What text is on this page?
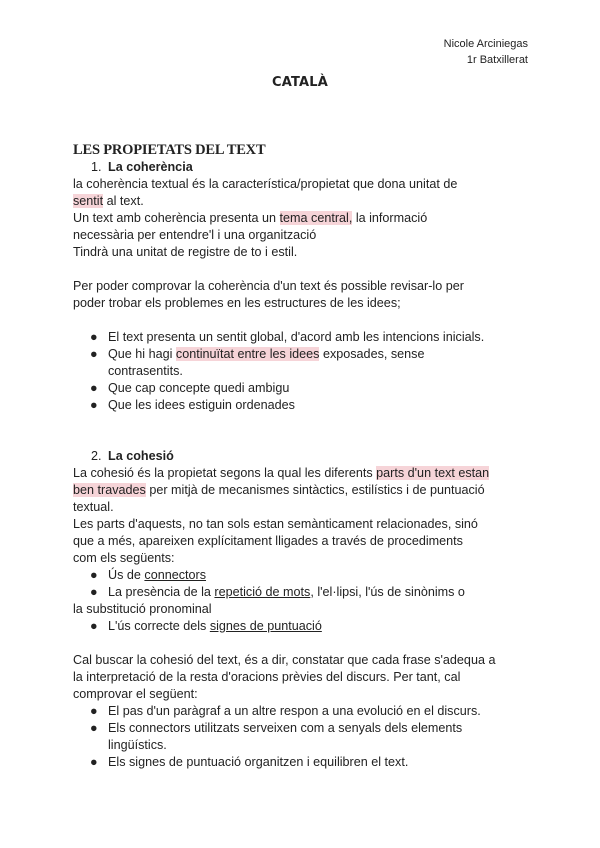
Nicole Arciniegas
1r Batxillerat
CATALÀ
LES PROPIETATS DEL TEXT
1. La coherència

la coherència textual és la característica/propietat que dona unitat de
sentit al text.

Un text amb coherència presenta un tema central, la informació
necessària per entendre'l i una organització
Tindrà una unitat de registre de to i estil.

Per poder comprovar la coherència d'un text és possible revisar-lo per
poder trobar els problemes en les estructures de les idees;

● El text presenta un sentit global, d'acord amb les intencions inicials.
● Que hi hagi continuïtat entre les idees exposades, sense
contrasentits.
● Que cap concepte quedi ambigu
● Que les idees estiguin ordenades
2. La cohesió

La cohesió és la propietat segons la qual les diferents parts d'un text estan
ben travades per mitjà de mecanismes sintàctics, estilístics i de puntuació
textual.

Les parts d'aquests, no tan sols estan semànticament relacionades, sinó
que a més, apareixen explícitament lligades a través de procediments
com els següents:

● Ús de connectors
● La presència de la repetició de mots, l'el·lipsi, l'ús de sinònims o

la substitució pronominal

● L'ús correcte dels signes de puntuació

Cal buscar la cohesió del text, és a dir, constatar que cada frase s'adequa a
la interpretació de la resta d'oracions prèvies del discurs. Per tant, cal
comprovar el següent:

● El pas d'un paràgraf a un altre respon a una evolució en el discurs.
● Els connectors utilitzats serveixen com a senyals dels elements
lingüístics.
● Els signes de puntuació organitzen i equilibren el text.
